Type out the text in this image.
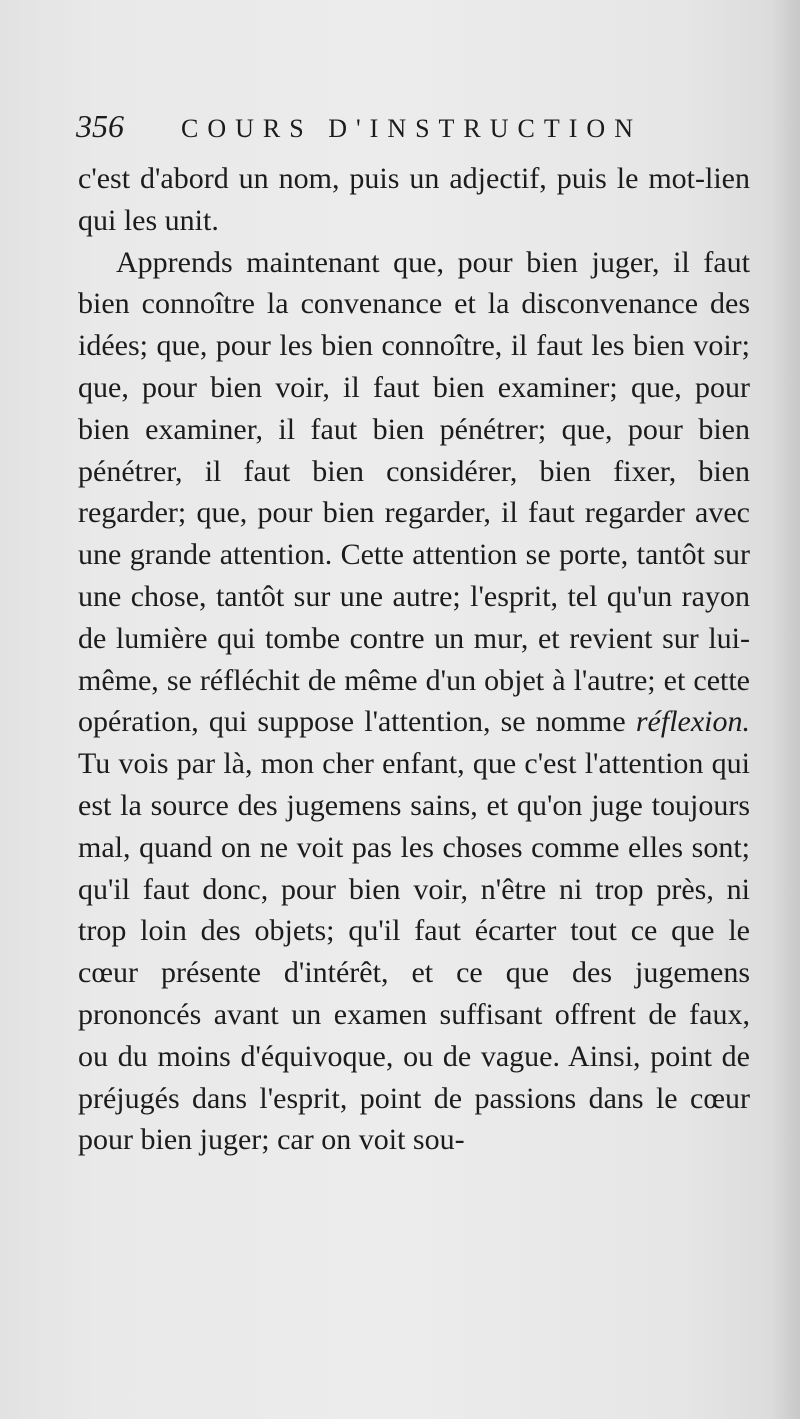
356 COURS D'INSTRUCTION

c'est d'abord un nom, puis un adjectif, puis le mot-lien qui les unit.

Apprends maintenant que, pour bien juger, il faut bien connoître la convenance et la disconvenance des idées; que, pour les bien connoître, il faut les bien voir; que, pour bien voir, il faut bien examiner; que, pour bien examiner, il faut bien pénétrer; que, pour bien pénétrer, il faut bien considérer, bien fixer, bien regarder; que, pour bien regarder, il faut regarder avec une grande attention. Cette attention se porte, tantôt sur une chose, tantôt sur une autre; l'esprit, tel qu'un rayon de lumière qui tombe contre un mur, et revient sur lui-même, se réfléchit de même d'un objet à l'autre; et cette opération, qui suppose l'attention, se nomme réflexion. Tu vois par là, mon cher enfant, que c'est l'attention qui est la source des jugemens sains, et qu'on juge toujours mal, quand on ne voit pas les choses comme elles sont; qu'il faut donc, pour bien voir, n'être ni trop près, ni trop loin des objets; qu'il faut écarter tout ce que le cœur présente d'intérêt, et ce que des jugemens prononcés avant un examen suffisant offrent de faux, ou du moins d'équivoque, ou de vague. Ainsi, point de préjugés dans l'esprit, point de passions dans le cœur pour bien juger; car on voit sou-
